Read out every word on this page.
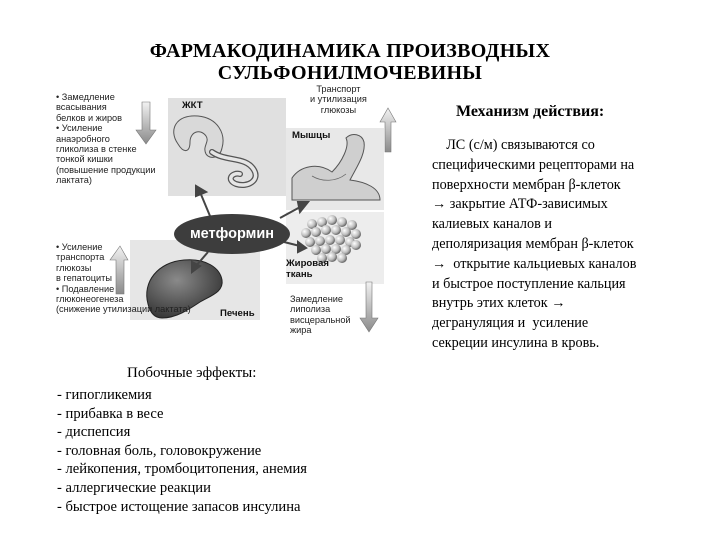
ФАРМАКОДИНАМИКА ПРОИЗВОДНЫХ
СУЛЬФОНИЛМОЧЕВИНЫ
метформин
ЖКТ
Мышцы
Печень
Жировая
ткань
• Замедление
всасывания
белков и жиров
• Усиление
анаэробного
гликолиза в стенке
тонкой кишки
(повышение продукции
лактата)
Транспорт
и утилизация
глюкозы
• Усиление
транспорта
глюкозы
в гепатоциты
• Подавление
глюконеогенеза
(снижение утилизации лактата)
Замедление
липолиза
висцеральной
жира
Механизм действия:
ЛС (с/м) связываются со
специфическими рецепторами на
поверхности мембран β-клеток
→ закрытие АТФ-зависимых
калиевых каналов и
деполяризация мембран β-клеток
→  открытие кальциевых каналов
и быстрое поступление кальция
внутрь этих клеток →
дегрануляция и  усиление
секреции инсулина в кровь.
Побочные эффекты:
- гипогликемия
- прибавка в весе
- диспепсия
- головная боль, головокружение
- лейкопения, тромбоцитопения, анемия
- аллергические реакции
- быстрое истощение запасов инсулина
